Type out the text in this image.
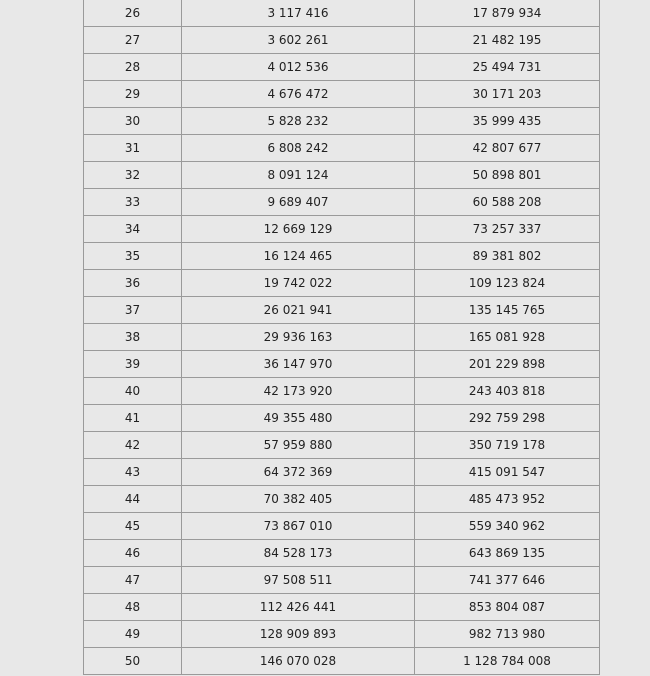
26	3 117 416	17 879 934
27	3 602 261	21 482 195
28	4 012 536	25 494 731
29	4 676 472	30 171 203
30	5 828 232	35 999 435
31	6 808 242	42 807 677
32	8 091 124	50 898 801
33	9 689 407	60 588 208
34	12 669 129	73 257 337
35	16 124 465	89 381 802
36	19 742 022	109 123 824
37	26 021 941	135 145 765
38	29 936 163	165 081 928
39	36 147 970	201 229 898
40	42 173 920	243 403 818
41	49 355 480	292 759 298
42	57 959 880	350 719 178
43	64 372 369	415 091 547
44	70 382 405	485 473 952
45	73 867 010	559 340 962
46	84 528 173	643 869 135
47	97 508 511	741 377 646
48	112 426 441	853 804 087
49	128 909 893	982 713 980
50	146 070 028	1 128 784 008
